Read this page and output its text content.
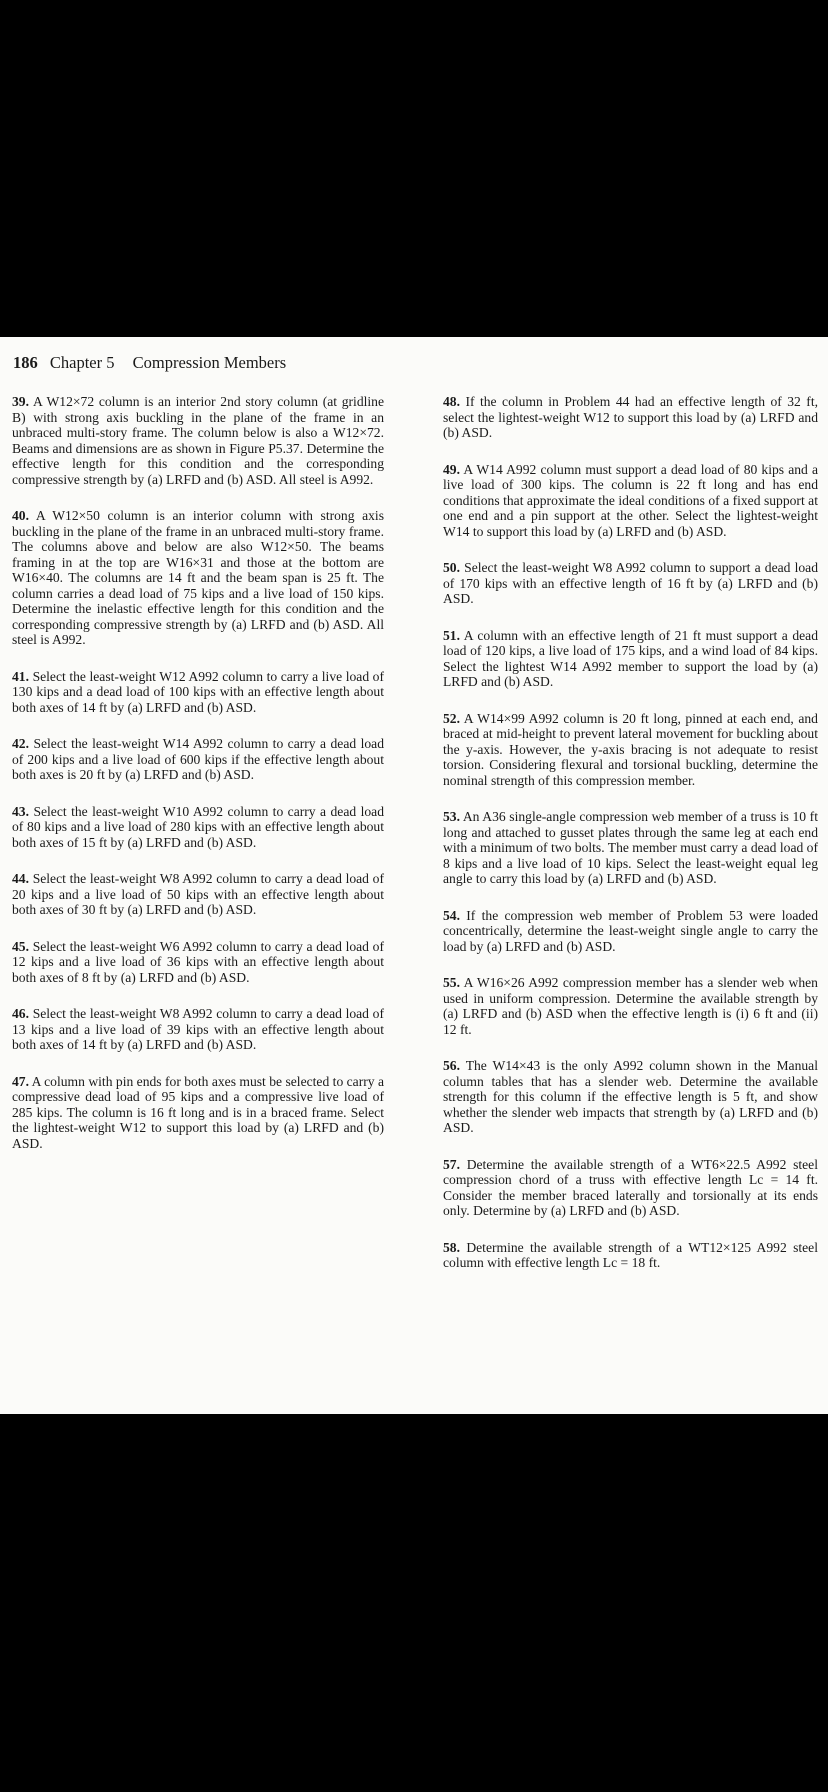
186 Chapter 5 Compression Members

39. A W12×72 column is an interior 2nd story column (at gridline B) with strong axis buckling in the plane of the frame in an unbraced multi-story frame. The column below is also a W12×72. Beams and dimensions are as shown in Figure P5.37. Determine the effective length for this condition and the corresponding compressive strength by (a) LRFD and (b) ASD. All steel is A992.

40. A W12×50 column is an interior column with strong axis buckling in the plane of the frame in an unbraced multi-story frame. The columns above and below are also W12×50. The beams framing in at the top are W16×31 and those at the bottom are W16×40. The columns are 14 ft and the beam span is 25 ft. The column carries a dead load of 75 kips and a live load of 150 kips. Determine the inelastic effective length for this condition and the corresponding compressive strength by (a) LRFD and (b) ASD. All steel is A992.

41. Select the least-weight W12 A992 column to carry a live load of 130 kips and a dead load of 100 kips with an effective length about both axes of 14 ft by (a) LRFD and (b) ASD.

42. Select the least-weight W14 A992 column to carry a dead load of 200 kips and a live load of 600 kips if the effective length about both axes is 20 ft by (a) LRFD and (b) ASD.

43. Select the least-weight W10 A992 column to carry a dead load of 80 kips and a live load of 280 kips with an effective length about both axes of 15 ft by (a) LRFD and (b) ASD.

44. Select the least-weight W8 A992 column to carry a dead load of 20 kips and a live load of 50 kips with an effective length about both axes of 30 ft by (a) LRFD and (b) ASD.

45. Select the least-weight W6 A992 column to carry a dead load of 12 kips and a live load of 36 kips with an effective length about both axes of 8 ft by (a) LRFD and (b) ASD.

46. Select the least-weight W8 A992 column to carry a dead load of 13 kips and a live load of 39 kips with an effective length about both axes of 14 ft by (a) LRFD and (b) ASD.

47. A column with pin ends for both axes must be selected to carry a compressive dead load of 95 kips and a compressive live load of 285 kips. The column is 16 ft long and is in a braced frame. Select the lightest-weight W12 to support this load by (a) LRFD and (b) ASD.

48. If the column in Problem 44 had an effective length of 32 ft, select the lightest-weight W12 to support this load by (a) LRFD and (b) ASD.

49. A W14 A992 column must support a dead load of 80 kips and a live load of 300 kips. The column is 22 ft long and has end conditions that approximate the ideal conditions of a fixed support at one end and a pin support at the other. Select the lightest-weight W14 to support this load by (a) LRFD and (b) ASD.

50. Select the least-weight W8 A992 column to support a dead load of 170 kips with an effective length of 16 ft by (a) LRFD and (b) ASD.

51. A column with an effective length of 21 ft must support a dead load of 120 kips, a live load of 175 kips, and a wind load of 84 kips. Select the lightest W14 A992 member to support the load by (a) LRFD and (b) ASD.

52. A W14×99 A992 column is 20 ft long, pinned at each end, and braced at mid-height to prevent lateral movement for buckling about the y-axis. However, the y-axis bracing is not adequate to resist torsion. Considering flexural and torsional buckling, determine the nominal strength of this compression member.

53. An A36 single-angle compression web member of a truss is 10 ft long and attached to gusset plates through the same leg at each end with a minimum of two bolts. The member must carry a dead load of 8 kips and a live load of 10 kips. Select the least-weight equal leg angle to carry this load by (a) LRFD and (b) ASD.

54. If the compression web member of Problem 53 were loaded concentrically, determine the least-weight single angle to carry the load by (a) LRFD and (b) ASD.

55. A W16×26 A992 compression member has a slender web when used in uniform compression. Determine the available strength by (a) LRFD and (b) ASD when the effective length is (i) 6 ft and (ii) 12 ft.

56. The W14×43 is the only A992 column shown in the Manual column tables that has a slender web. Determine the available strength for this column if the effective length is 5 ft, and show whether the slender web impacts that strength by (a) LRFD and (b) ASD.

57. Determine the available strength of a WT6×22.5 A992 steel compression chord of a truss with effective length Lc = 14 ft. Consider the member braced laterally and torsionally at its ends only. Determine by (a) LRFD and (b) ASD.

58. Determine the available strength of a WT12×125 A992 steel column with effective length Lc = 18 ft.
